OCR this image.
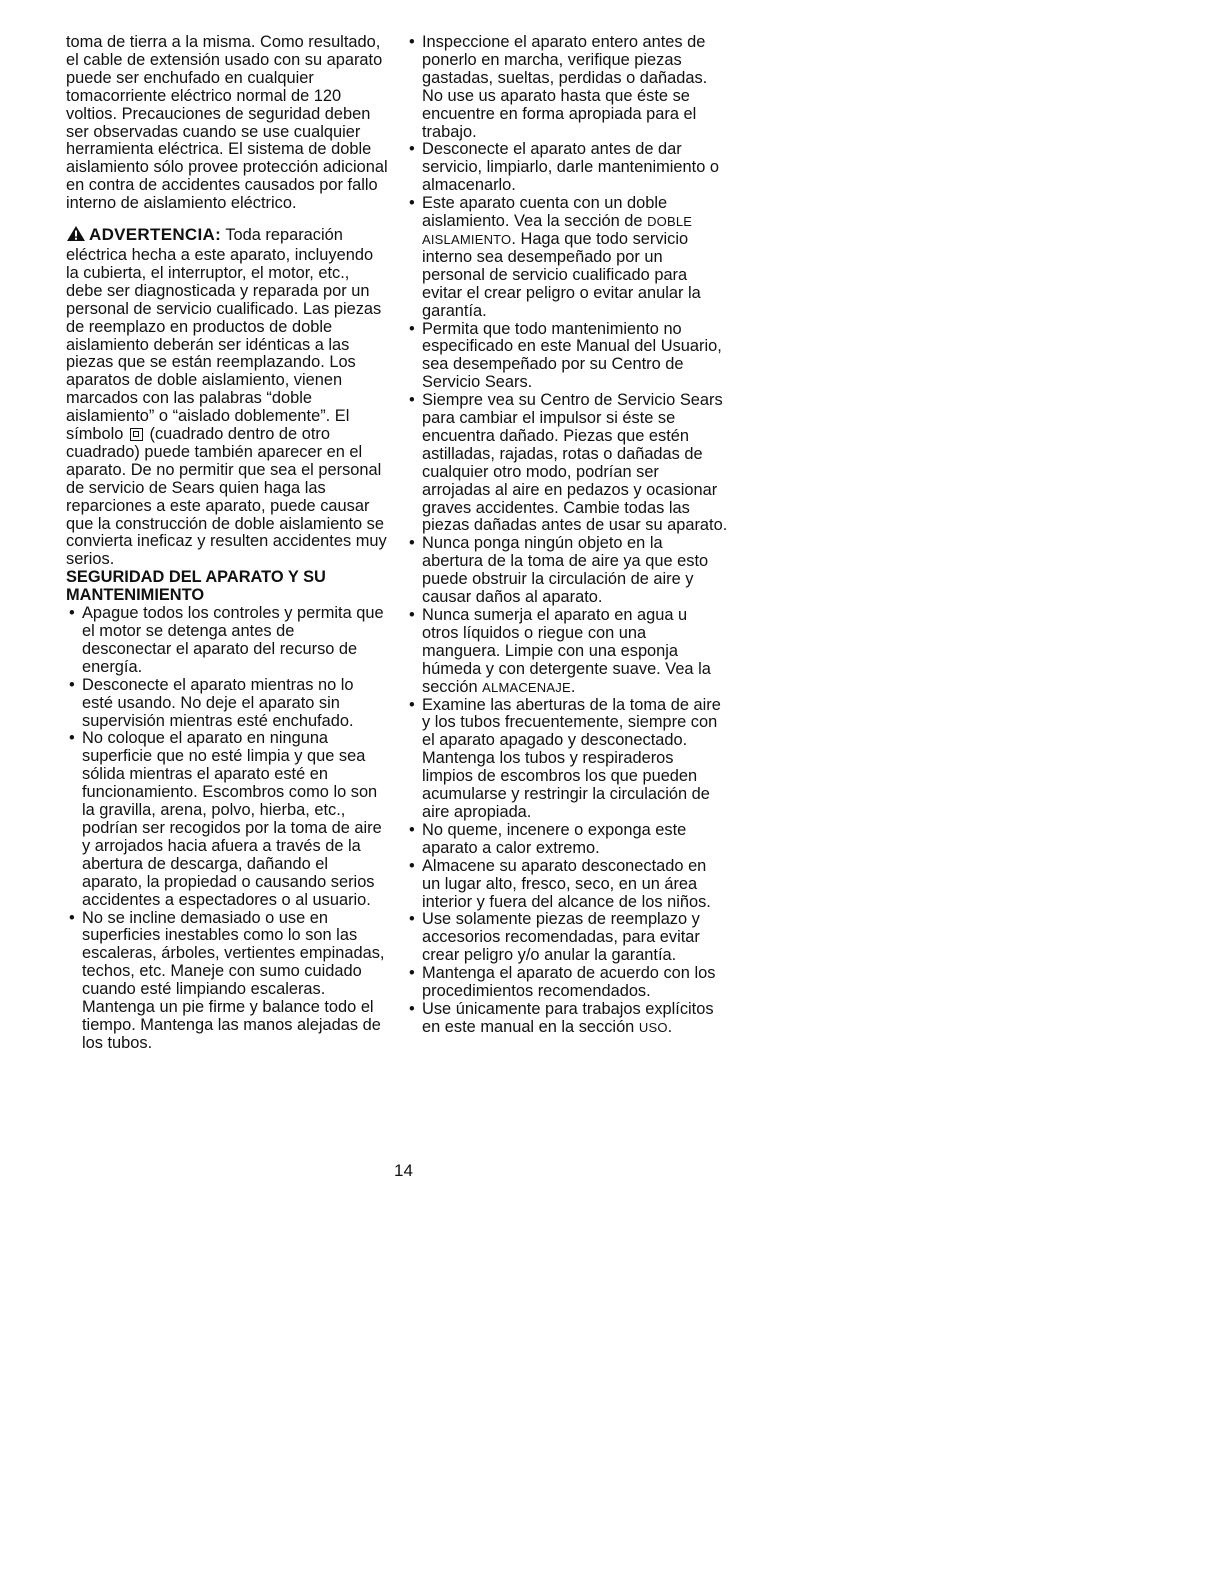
toma de tierra a la misma. Como resultado, el cable de extensión usado con su aparato puede ser enchufado en cualquier tomacorriente eléctrico normal de 120 voltios. Precauciones de seguridad deben ser observadas cuando se use cualquier herramienta eléctrica. El sistema de doble aislamiento sólo provee protección adicional en contra de accidentes causados por fallo interno de aislamiento eléctrico.

ADVERTENCIA: Toda reparación eléctrica hecha a este aparato, incluyendo la cubierta, el interruptor, el motor, etc., debe ser diagnosticada y reparada por un personal de servicio cualificado. Las piezas de reemplazo en productos de doble aislamiento deberán ser idénticas a las piezas que se están reemplazando. Los aparatos de doble aislamiento, vienen marcados con las palabras “doble aislamiento” o “aislado doblemente”. El símbolo (cuadrado dentro de otro cuadrado) puede también aparecer en el aparato. De no permitir que sea el personal de servicio de Sears quien haga las reparciones a este aparato, puede causar que la construcción de doble aislamiento se convierta ineficaz y resulten accidentes muy serios.

SEGURIDAD DEL APARATO Y SU MANTENIMIENTO
• Apague todos los controles y permita que el motor se detenga antes de desconectar el aparato del recurso de energía.
• Desconecte el aparato mientras no lo esté usando. No deje el aparato sin supervisión mientras esté enchufado.
• No coloque el aparato en ninguna superficie que no esté limpia y que sea sólida mientras el aparato esté en funcionamiento. Escombros como lo son la gravilla, arena, polvo, hierba, etc., podrían ser recogidos por la toma de aire y arrojados hacia afuera a través de la abertura de descarga, dañando el aparato, la propiedad o causando serios accidentes a espectadores o al usuario.
• No se incline demasiado o use en superficies inestables como lo son las escaleras, árboles, vertientes empinadas, techos, etc. Maneje con sumo cuidado cuando esté limpiando escaleras. Mantenga un pie firme y balance todo el tiempo. Mantenga las manos alejadas de los tubos.
• Inspeccione el aparato entero antes de ponerlo en marcha, verifique piezas gastadas, sueltas, perdidas o dañadas. No use us aparato hasta que éste se encuentre en forma apropiada para el trabajo.
• Desconecte el aparato antes de dar servicio, limpiarlo, darle mantenimiento o almacenarlo.
• Este aparato cuenta con un doble aislamiento. Vea la sección de DOBLE AISLAMIENTO. Haga que todo servicio interno sea desempeñado por un personal de servicio cualificado para evitar el crear peligro o evitar anular la garantía.
• Permita que todo mantenimiento no especificado en este Manual del Usuario, sea desempeñado por su Centro de Servicio Sears.
• Siempre vea su Centro de Servicio Sears para cambiar el impulsor si éste se encuentra dañado. Piezas que estén astilladas, rajadas, rotas o dañadas de cualquier otro modo, podrían ser arrojadas al aire en pedazos y ocasionar graves accidentes. Cambie todas las piezas dañadas antes de usar su aparato.
• Nunca ponga ningún objeto en la abertura de la toma de aire ya que esto puede obstruir la circulación de aire y causar daños al aparato.
• Nunca sumerja el aparato en agua u otros líquidos o riegue con una manguera. Limpie con una esponja húmeda y con detergente suave. Vea la sección ALMACENAJE.
• Examine las aberturas de la toma de aire y los tubos frecuentemente, siempre con el aparato apagado y desconectado. Mantenga los tubos y respiraderos limpios de escombros los que pueden acumularse y restringir la circulación de aire apropiada.
• No queme, incenere o exponga este aparato a calor extremo.
• Almacene su aparato desconectado en un lugar alto, fresco, seco, en un área interior y fuera del alcance de los niños.
• Use solamente piezas de reemplazo y accesorios recomendadas, para evitar crear peligro y/o anular la garantía.
• Mantenga el aparato de acuerdo con los procedimientos recomendados.
• Use únicamente para trabajos explícitos en este manual en la sección USO.
14
